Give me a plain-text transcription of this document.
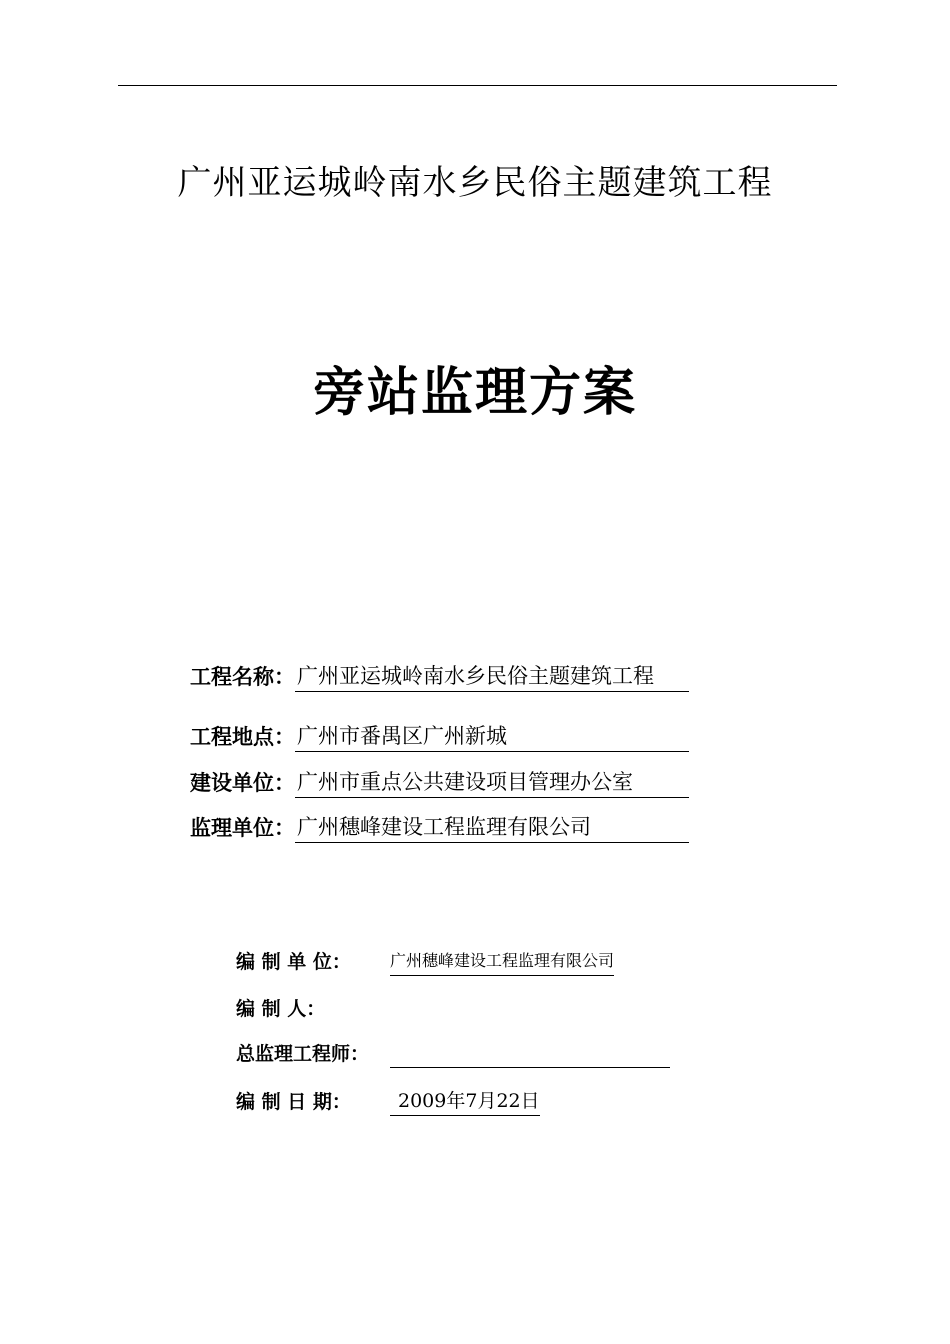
广州亚运城岭南水乡民俗主题建筑工程
旁站监理方案
工程名称： 广州亚运城岭南水乡民俗主题建筑工程
工程地点： 广州市番禺区广州新城
建设单位： 广州市重点公共建设项目管理办公室
监理单位： 广州穗峰建设工程监理有限公司
编 制 单 位：	广州穗峰建设工程监理有限公司
编 制 人：
总监理工程师：
编 制 日 期：	2009年7月22日
